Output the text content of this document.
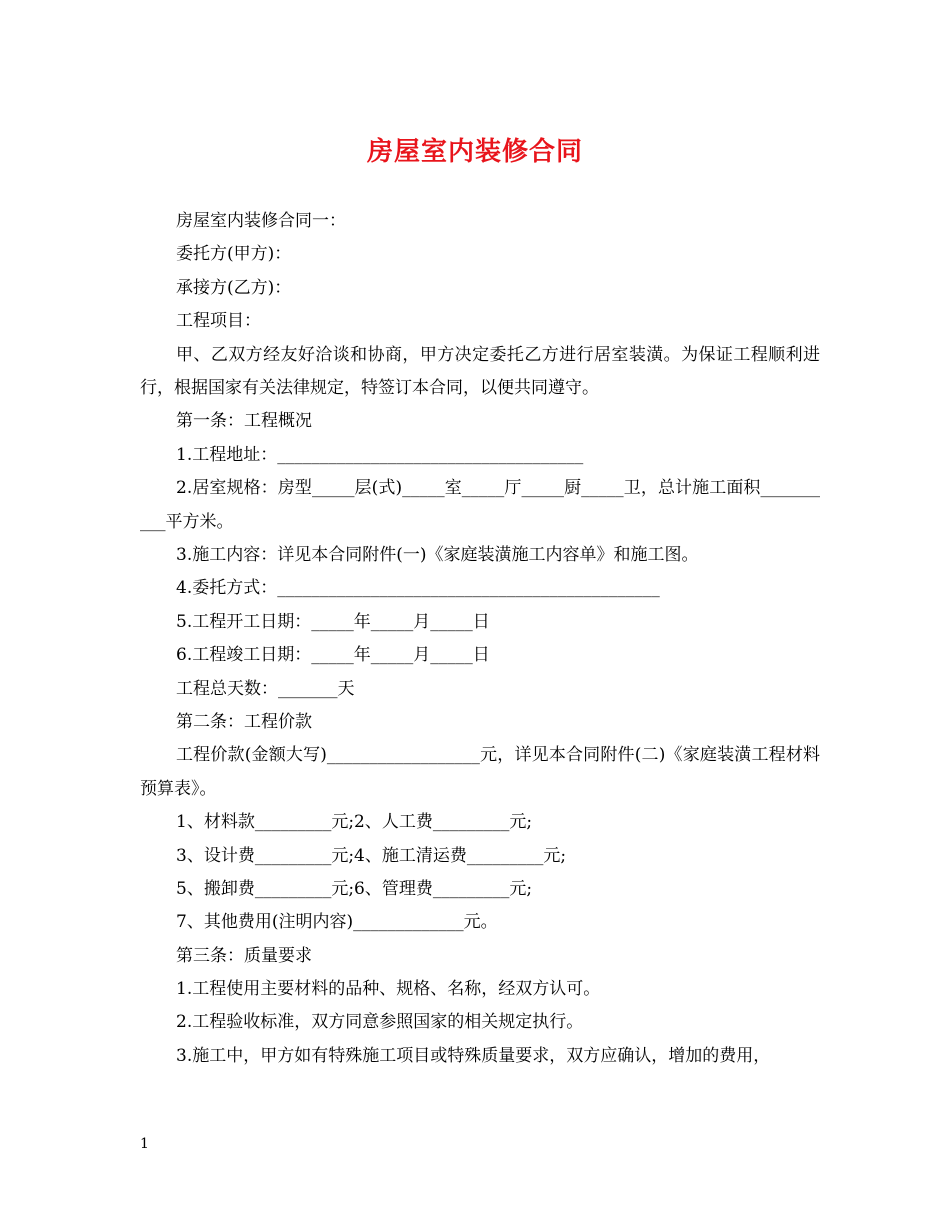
房屋室内装修合同
房屋室内装修合同一：
委托方(甲方)：
承接方(乙方)：
工程项目：
甲、乙双方经友好洽谈和协商，甲方决定委托乙方进行居室装潢。为保证工程顺利进行，根据国家有关法律规定，特签订本合同，以便共同遵守。
第一条：工程概况
1.工程地址：____________________________________
2.居室规格：房型_____层(式)_____室_____厅_____厨_____卫，总计施工面积__________平方米。
3.施工内容：详见本合同附件(一)《家庭装潢施工内容单》和施工图。
4.委托方式：_____________________________________________
5.工程开工日期：_____年_____月_____日
6.工程竣工日期：_____年_____月_____日
工程总天数：_______天
第二条：工程价款
工程价款(金额大写)__________________元，详见本合同附件(二)《家庭装潢工程材料预算表》。
1、材料款_________元;2、人工费_________元;
3、设计费_________元;4、施工清运费_________元;
5、搬卸费_________元;6、管理费_________元;
7、其他费用(注明内容)_____________元。
第三条：质量要求
1.工程使用主要材料的品种、规格、名称，经双方认可。
2.工程验收标准，双方同意参照国家的相关规定执行。
3.施工中，甲方如有特殊施工项目或特殊质量要求，双方应确认，增加的费用，
1
